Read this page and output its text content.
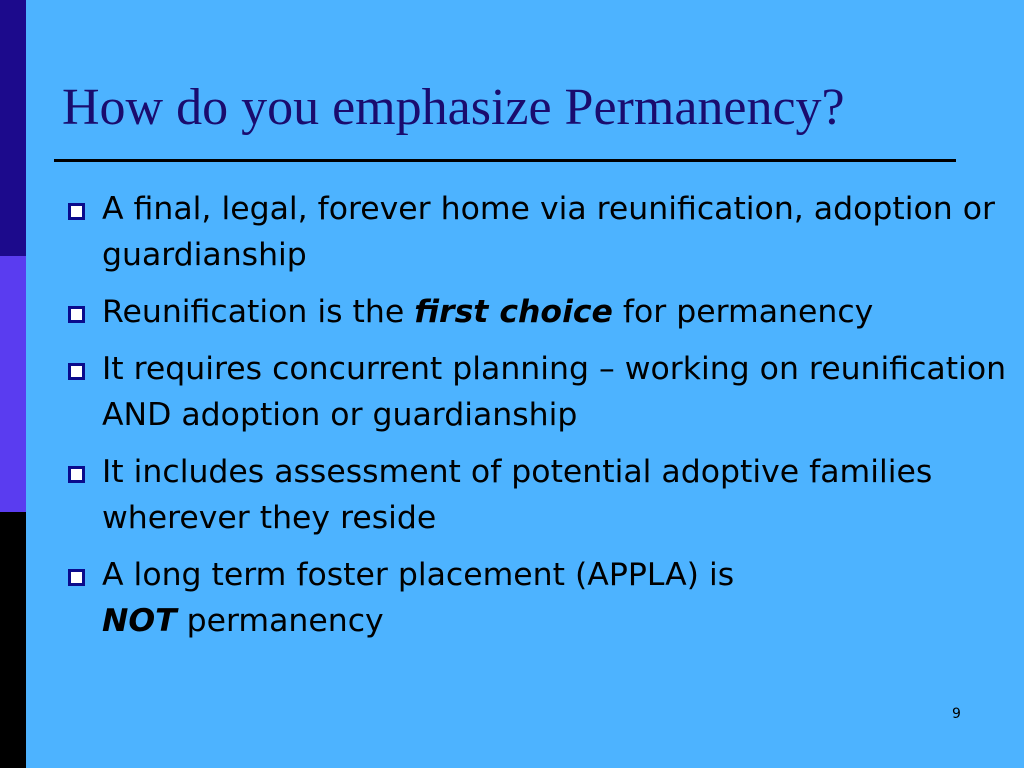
How do you emphasize Permanency?
A final, legal, forever home via reunification, adoption or guardianship
Reunification is the first choice for permanency
It requires concurrent planning – working on reunification AND adoption or guardianship
It includes assessment of potential adoptive families wherever they reside
A long term foster placement (APPLA) is
NOT permanency
9
